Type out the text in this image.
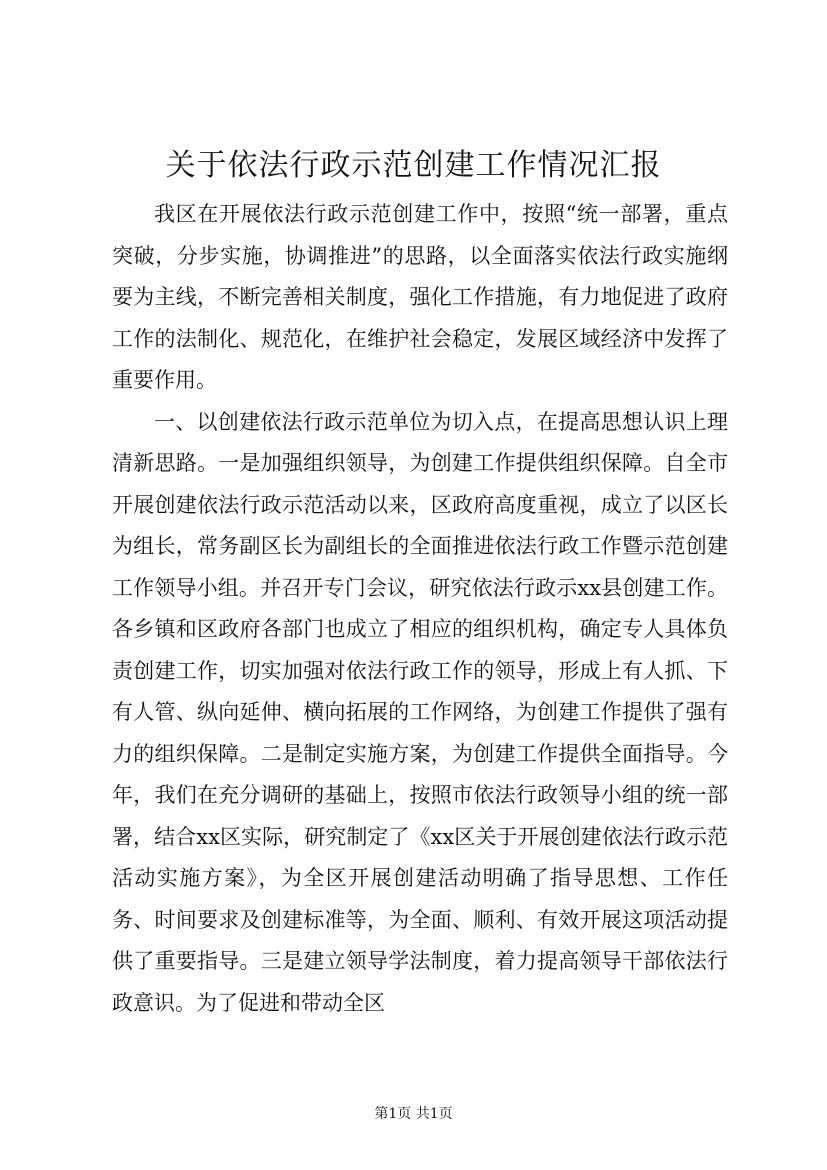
关于依法行政示范创建工作情况汇报

我区在开展依法行政示范创建工作中，按照“统一部署，重点突破，分步实施，协调推进”的思路，以全面落实依法行政实施纲要为主线，不断完善相关制度，强化工作措施，有力地促进了政府工作的法制化、规范化，在维护社会稳定，发展区域经济中发挥了重要作用。

一、以创建依法行政示范单位为切入点，在提高思想认识上理清新思路。一是加强组织领导，为创建工作提供组织保障。自全市开展创建依法行政示范活动以来，区政府高度重视，成立了以区长为组长，常务副区长为副组长的全面推进依法行政工作暨示范创建工作领导小组。并召开专门会议，研究依法行政示xx县创建工作。各乡镇和区政府各部门也成立了相应的组织机构，确定专人具体负责创建工作，切实加强对依法行政工作的领导，形成上有人抓、下有人管、纵向延伸、横向拓展的工作网络，为创建工作提供了强有力的组织保障。二是制定实施方案，为创建工作提供全面指导。今年，我们在充分调研的基础上，按照市依法行政领导小组的统一部署，结合xx区实际，研究制定了《xx区关于开展创建依法行政示范活动实施方案》，为全区开展创建活动明确了指导思想、工作任务、时间要求及创建标准等，为全面、顺利、有效开展这项活动提供了重要指导。三是建立领导学法制度，着力提高领导干部依法行政意识。为了促进和带动全区

第1页 共1页
